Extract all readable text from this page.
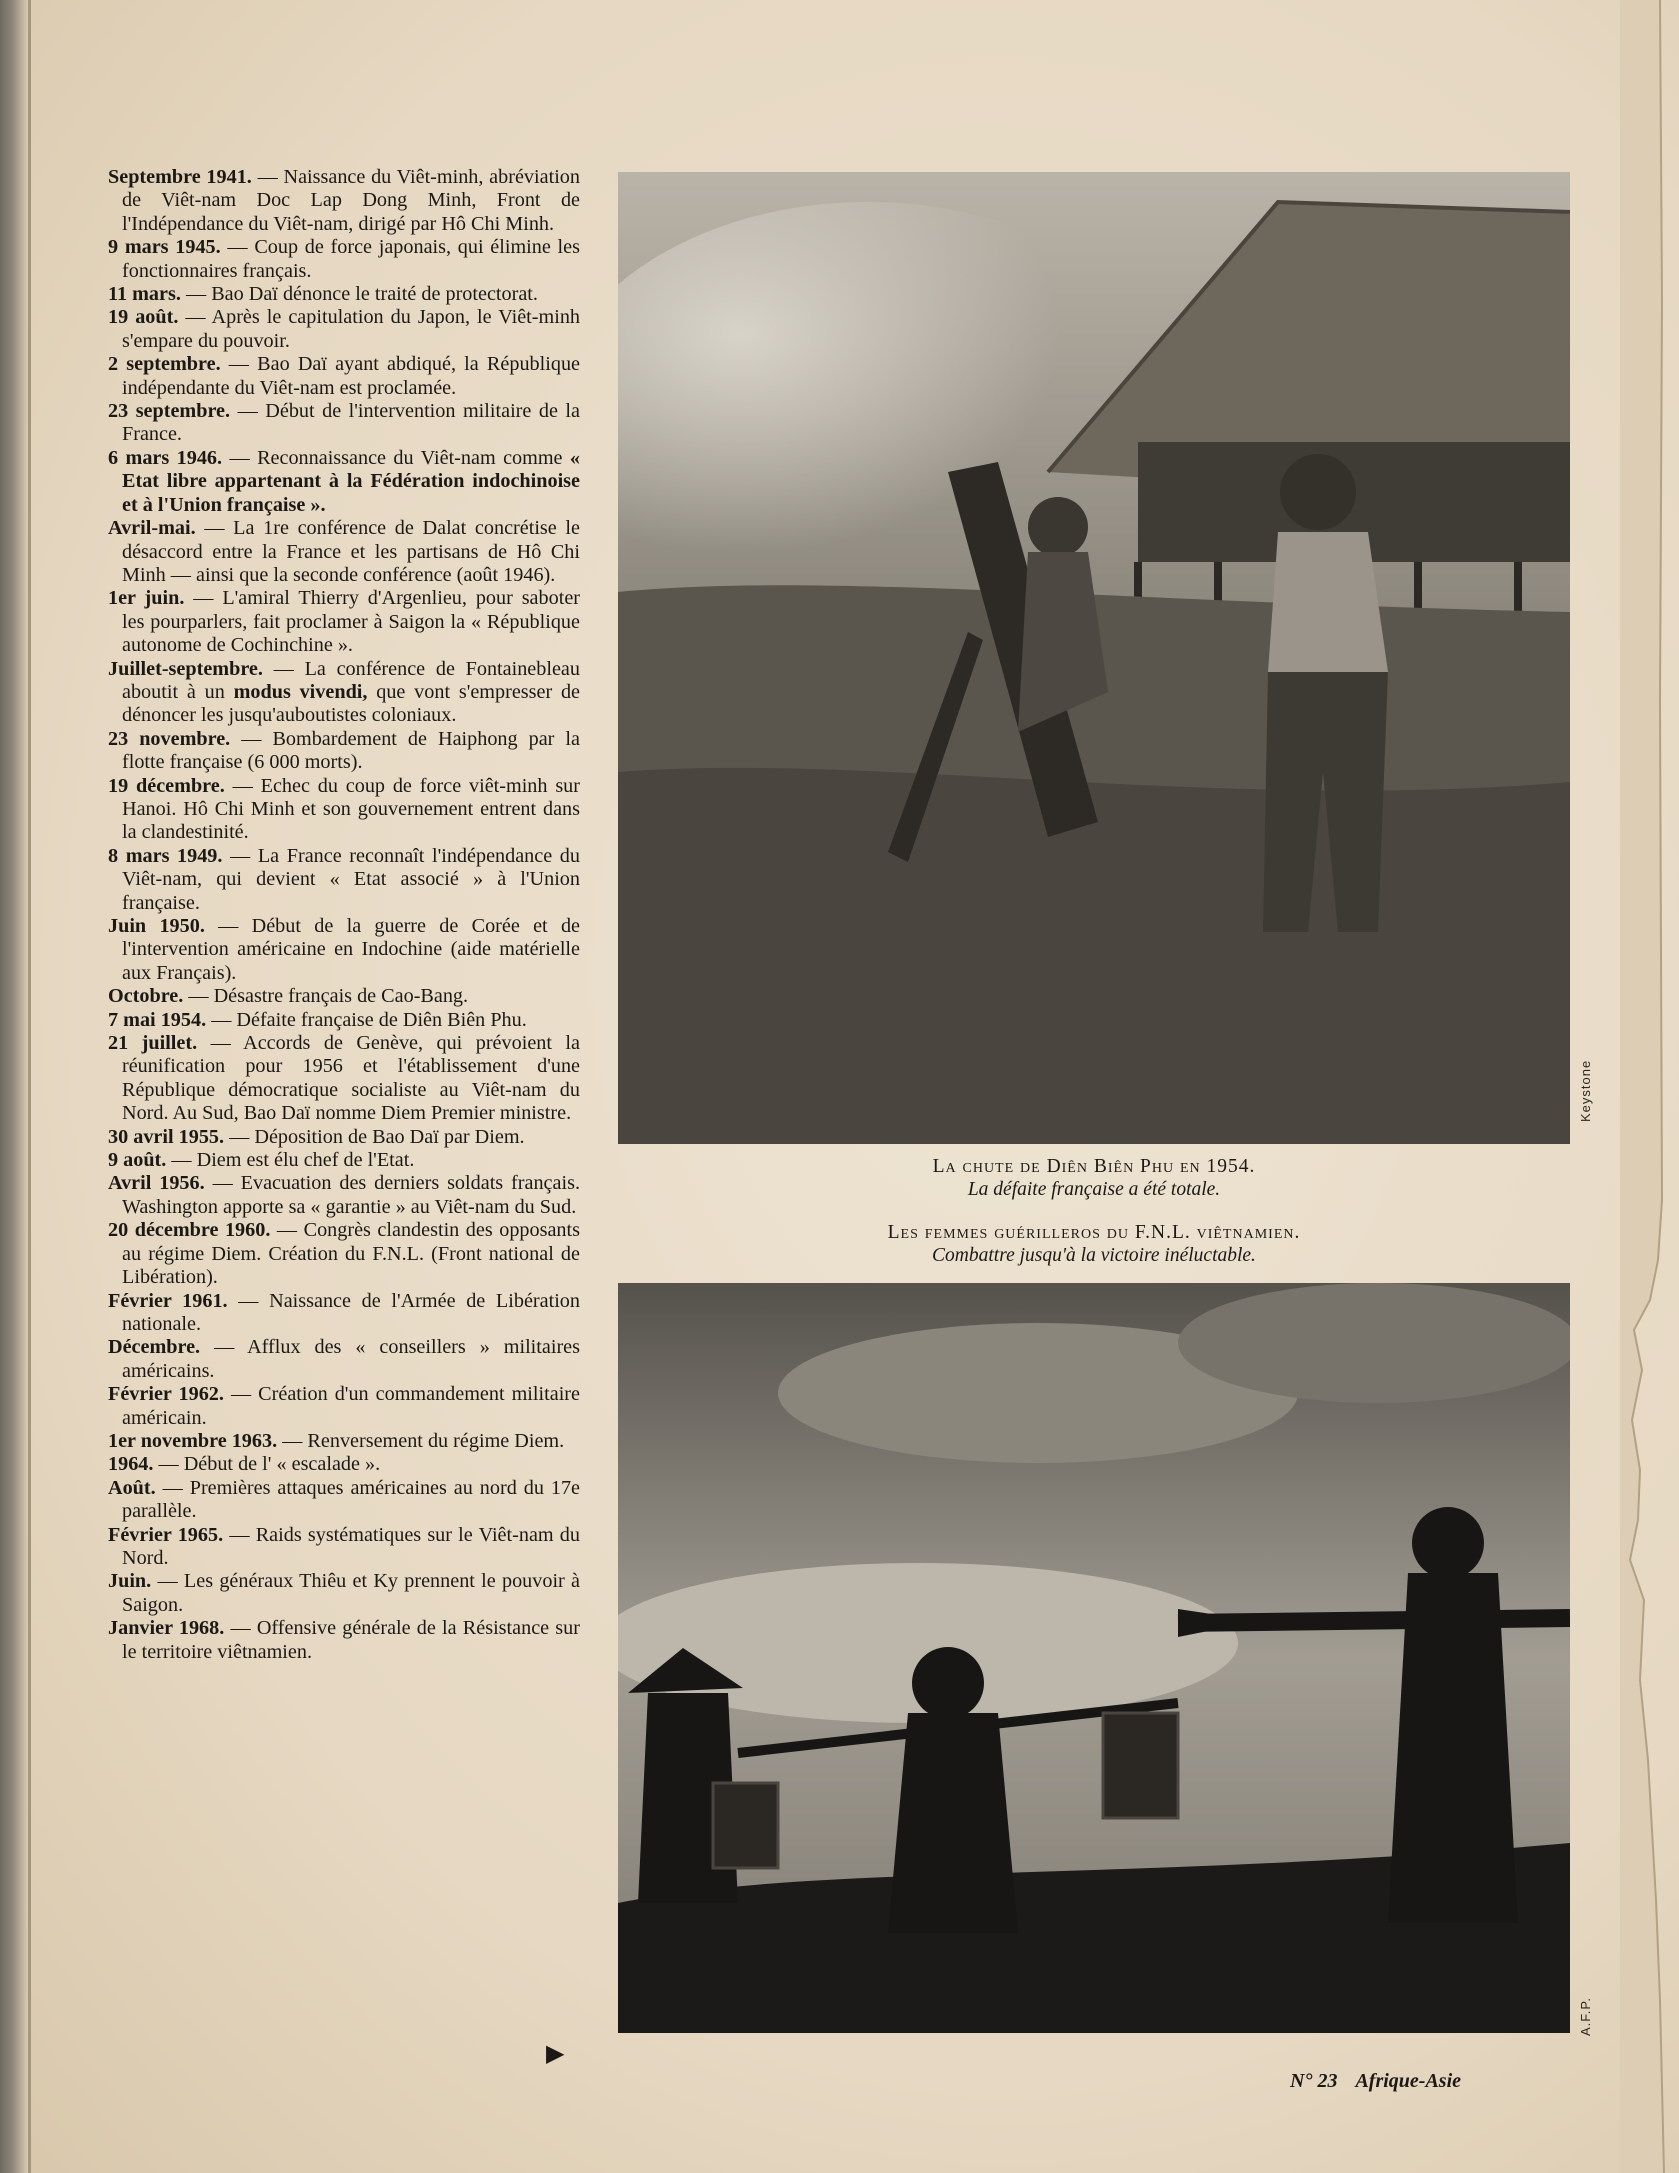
Septembre 1941. — Naissance du Viêt-minh, abréviation de Viêt-nam Doc Lap Dong Minh, Front de l'Indépendance du Viêt-nam, dirigé par Hô Chi Minh.

9 mars 1945. — Coup de force japonais, qui élimine les fonctionnaires français.

11 mars. — Bao Daï dénonce le traité de protectorat.

19 août. — Après le capitulation du Japon, le Viêt-minh s'empare du pouvoir.

2 septembre. — Bao Daï ayant abdiqué, la République indépendante du Viêt-nam est proclamée.

23 septembre. — Début de l'intervention militaire de la France.

6 mars 1946. — Reconnaissance du Viêt-nam comme « Etat libre appartenant à la Fédération indochinoise et à l'Union française ».

Avril-mai. — La 1re conférence de Dalat concrétise le désaccord entre la France et les partisans de Hô Chi Minh — ainsi que la seconde conférence (août 1946).

1er juin. — L'amiral Thierry d'Argenlieu, pour saboter les pourparlers, fait proclamer à Saigon la « République autonome de Cochinchine ».

Juillet-septembre. — La conférence de Fontainebleau aboutit à un modus vivendi, que vont s'empresser de dénoncer les jusqu'auboutistes coloniaux.

23 novembre. — Bombardement de Haiphong par la flotte française (6 000 morts).

19 décembre. — Echec du coup de force viêt-minh sur Hanoi. Hô Chi Minh et son gouvernement entrent dans la clandestinité.

8 mars 1949. — La France reconnaît l'indépendance du Viêt-nam, qui devient « Etat associé » à l'Union française.

Juin 1950. — Début de la guerre de Corée et de l'intervention américaine en Indochine (aide matérielle aux Français).

Octobre. — Désastre français de Cao-Bang.

7 mai 1954. — Défaite française de Diên Biên Phu.

21 juillet. — Accords de Genève, qui prévoient la réunification pour 1956 et l'établissement d'une République démocratique socialiste au Viêt-nam du Nord. Au Sud, Bao Daï nomme Diem Premier ministre.

30 avril 1955. — Déposition de Bao Daï par Diem.

9 août. — Diem est élu chef de l'Etat.

Avril 1956. — Evacuation des derniers soldats français. Washington apporte sa « garantie » au Viêt-nam du Sud.

20 décembre 1960. — Congrès clandestin des opposants au régime Diem. Création du F.N.L. (Front national de Libération).

Février 1961. — Naissance de l'Armée de Libération nationale.

Décembre. — Afflux des « conseillers » militaires américains.

Février 1962. — Création d'un commandement militaire américain.

1er novembre 1963. — Renversement du régime Diem.

1964. — Début de l' « escalade ».

Août. — Premières attaques américaines au nord du 17e parallèle.

Février 1965. — Raids systématiques sur le Viêt-nam du Nord.

Juin. — Les généraux Thiêu et Ky prennent le pouvoir à Saigon.

Janvier 1968. — Offensive générale de la Résistance sur le territoire viêtnamien.

▶
Keystone
La chute de Diên Biên Phu en 1954.
La défaite française a été totale.
Les femmes guérilleros du F.N.L. viêtnamien.
Combattre jusqu'à la victoire inéluctable.
A.F.P.
N° 23 Afrique-Asie
